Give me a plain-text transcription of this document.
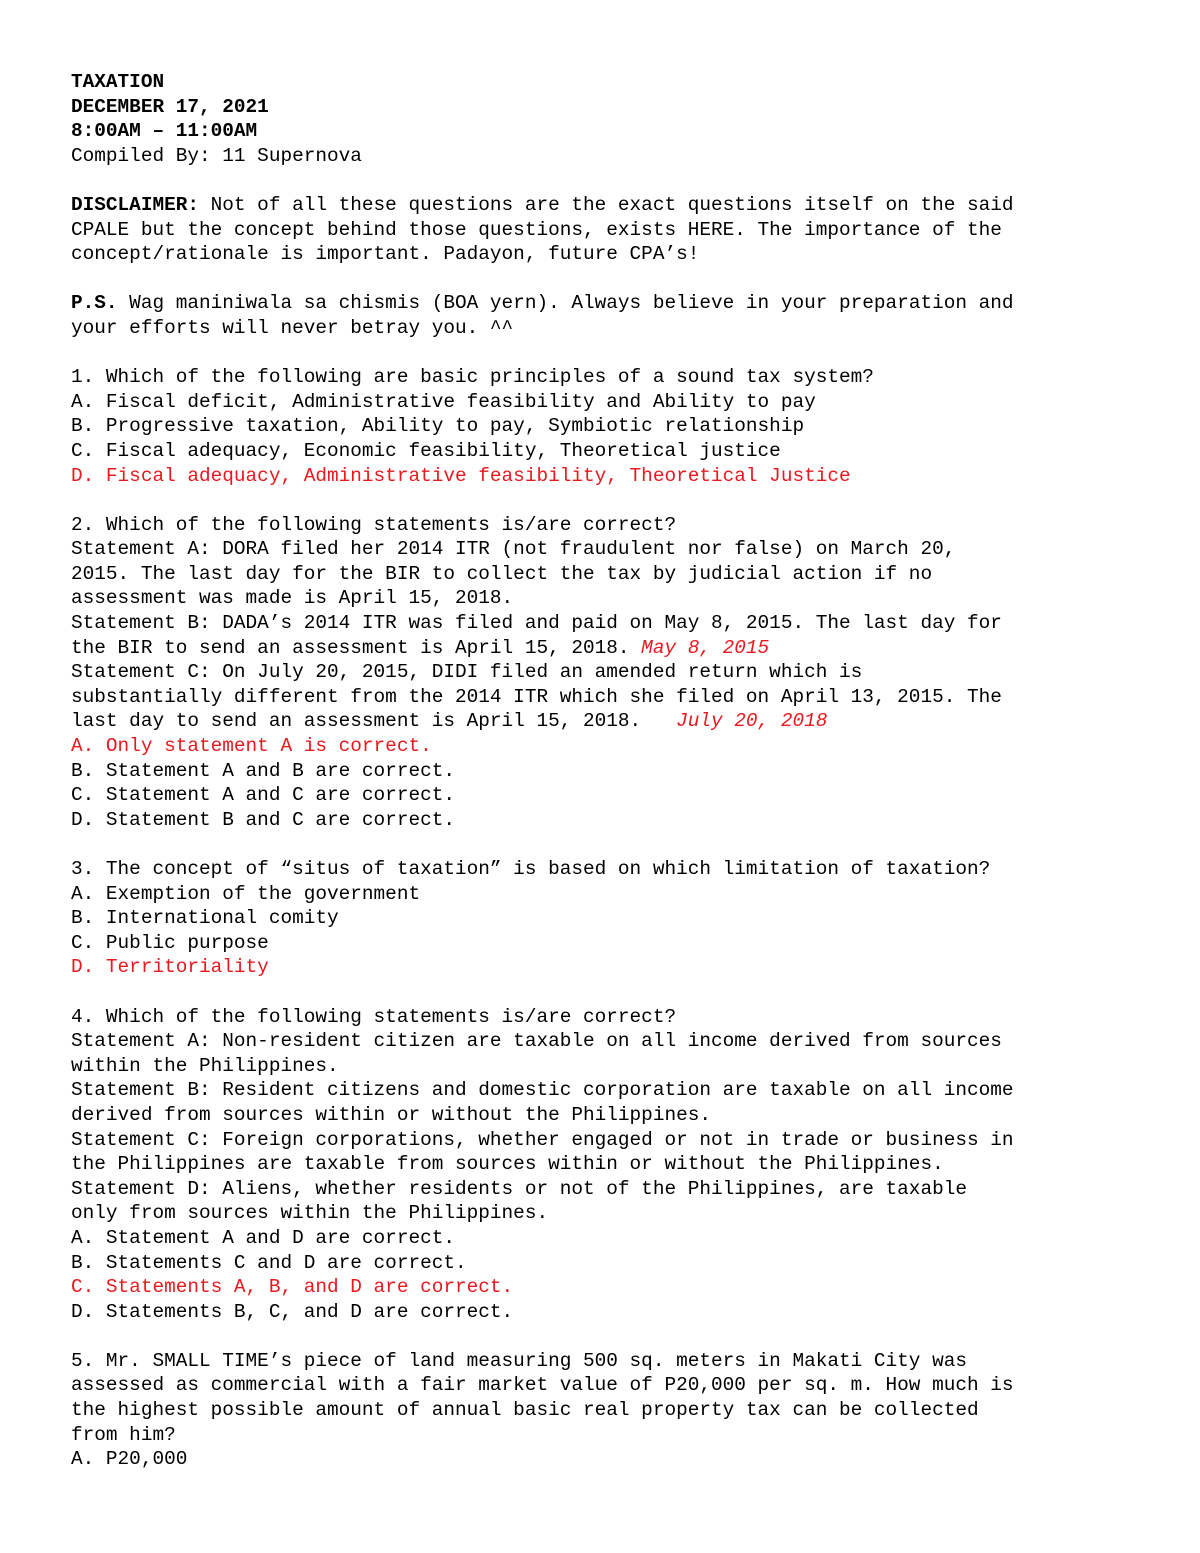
TAXATION
DECEMBER 17, 2021
8:00AM – 11:00AM
Compiled By: 11 Supernova
DISCLAIMER: Not of all these questions are the exact questions itself on the said
CPALE but the concept behind those questions, exists HERE. The importance of the
concept/rationale is important. Padayon, future CPA’s!
P.S. Wag maniniwala sa chismis (BOA yern). Always believe in your preparation and
your efforts will never betray you. ^^
1. Which of the following are basic principles of a sound tax system?
A. Fiscal deficit, Administrative feasibility and Ability to pay
B. Progressive taxation, Ability to pay, Symbiotic relationship
C. Fiscal adequacy, Economic feasibility, Theoretical justice
D. Fiscal adequacy, Administrative feasibility, Theoretical Justice
2. Which of the following statements is/are correct?
Statement A: DORA filed her 2014 ITR (not fraudulent nor false) on March 20,
2015. The last day for the BIR to collect the tax by judicial action if no
assessment was made is April 15, 2018.
Statement B: DADA’s 2014 ITR was filed and paid on May 8, 2015. The last day for
the BIR to send an assessment is April 15, 2018. May 8, 2015
Statement C: On July 20, 2015, DIDI filed an amended return which is
substantially different from the 2014 ITR which she filed on April 13, 2015. The
last day to send an assessment is April 15, 2018.   July 20, 2018
A. Only statement A is correct.
B. Statement A and B are correct.
C. Statement A and C are correct.
D. Statement B and C are correct.
3. The concept of “situs of taxation” is based on which limitation of taxation?
A. Exemption of the government
B. International comity
C. Public purpose
D. Territoriality
4. Which of the following statements is/are correct?
Statement A: Non-resident citizen are taxable on all income derived from sources
within the Philippines.
Statement B: Resident citizens and domestic corporation are taxable on all income
derived from sources within or without the Philippines.
Statement C: Foreign corporations, whether engaged or not in trade or business in
the Philippines are taxable from sources within or without the Philippines.
Statement D: Aliens, whether residents or not of the Philippines, are taxable
only from sources within the Philippines.
A. Statement A and D are correct.
B. Statements C and D are correct.
C. Statements A, B, and D are correct.
D. Statements B, C, and D are correct.
5. Mr. SMALL TIME’s piece of land measuring 500 sq. meters in Makati City was
assessed as commercial with a fair market value of P20,000 per sq. m. How much is
the highest possible amount of annual basic real property tax can be collected
from him?
A. P20,000
